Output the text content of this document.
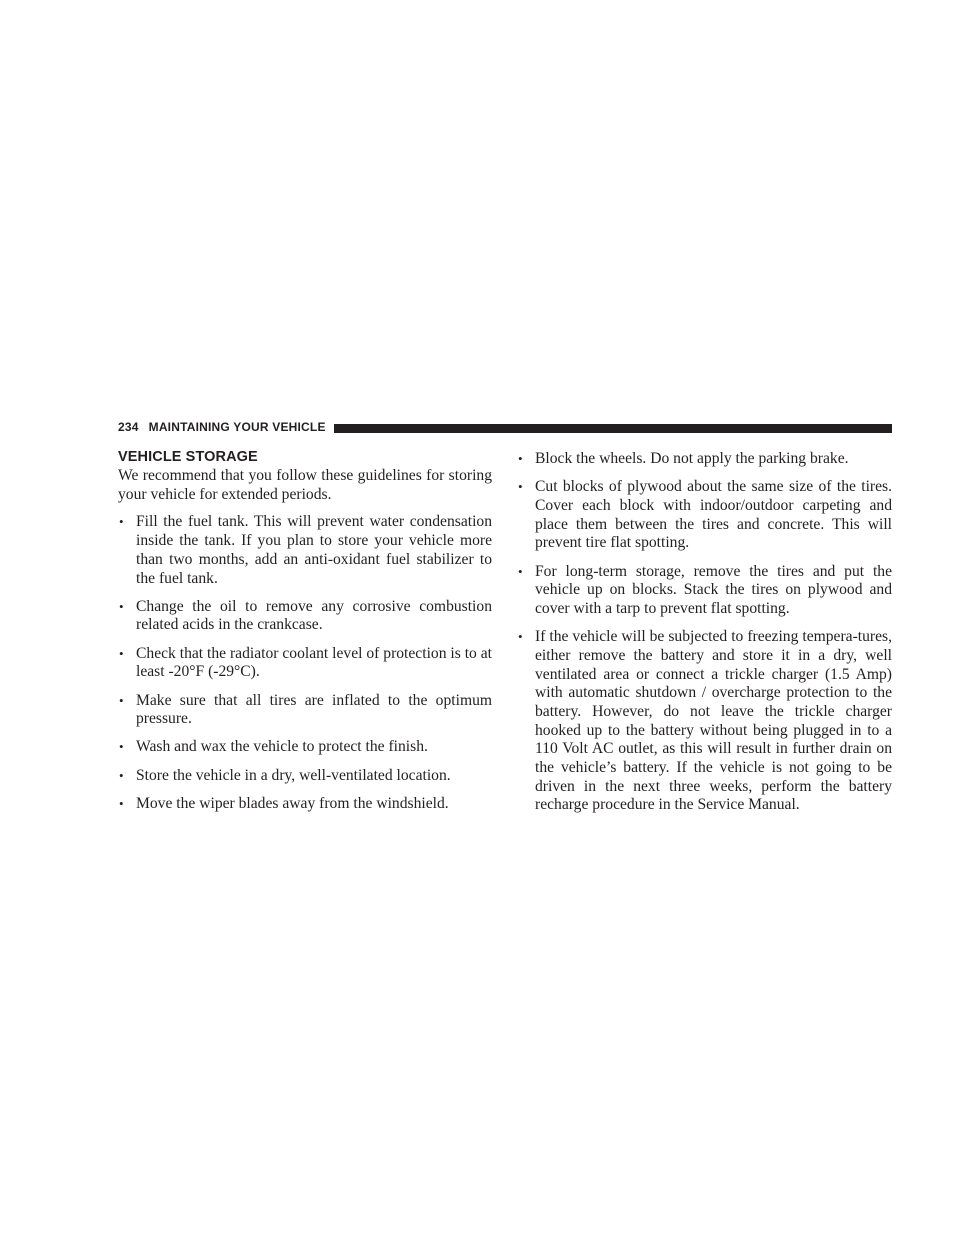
234 MAINTAINING YOUR VEHICLE
VEHICLE STORAGE

We recommend that you follow these guidelines for storing your vehicle for extended periods.

• Fill the fuel tank. This will prevent water condensation inside the tank. If you plan to store your vehicle more than two months, add an anti-oxidant fuel stabilizer to the fuel tank.
• Change the oil to remove any corrosive combustion related acids in the crankcase.
• Check that the radiator coolant level of protection is to at least -20°F (-29°C).
• Make sure that all tires are inflated to the optimum pressure.
• Wash and wax the vehicle to protect the finish.
• Store the vehicle in a dry, well-ventilated location.
• Move the wiper blades away from the windshield.
• Block the wheels. Do not apply the parking brake.
• Cut blocks of plywood about the same size of the tires. Cover each block with indoor/outdoor carpeting and place them between the tires and concrete. This will prevent tire flat spotting.
• For long-term storage, remove the tires and put the vehicle up on blocks. Stack the tires on plywood and cover with a tarp to prevent flat spotting.
• If the vehicle will be subjected to freezing tempera-tures, either remove the battery and store it in a dry, well ventilated area or connect a trickle charger (1.5 Amp) with automatic shutdown / overcharge protection to the battery. However, do not leave the trickle charger hooked up to the battery without being plugged in to a 110 Volt AC outlet, as this will result in further drain on the vehicle’s battery. If the vehicle is not going to be driven in the next three weeks, perform the battery recharge procedure in the Service Manual.
